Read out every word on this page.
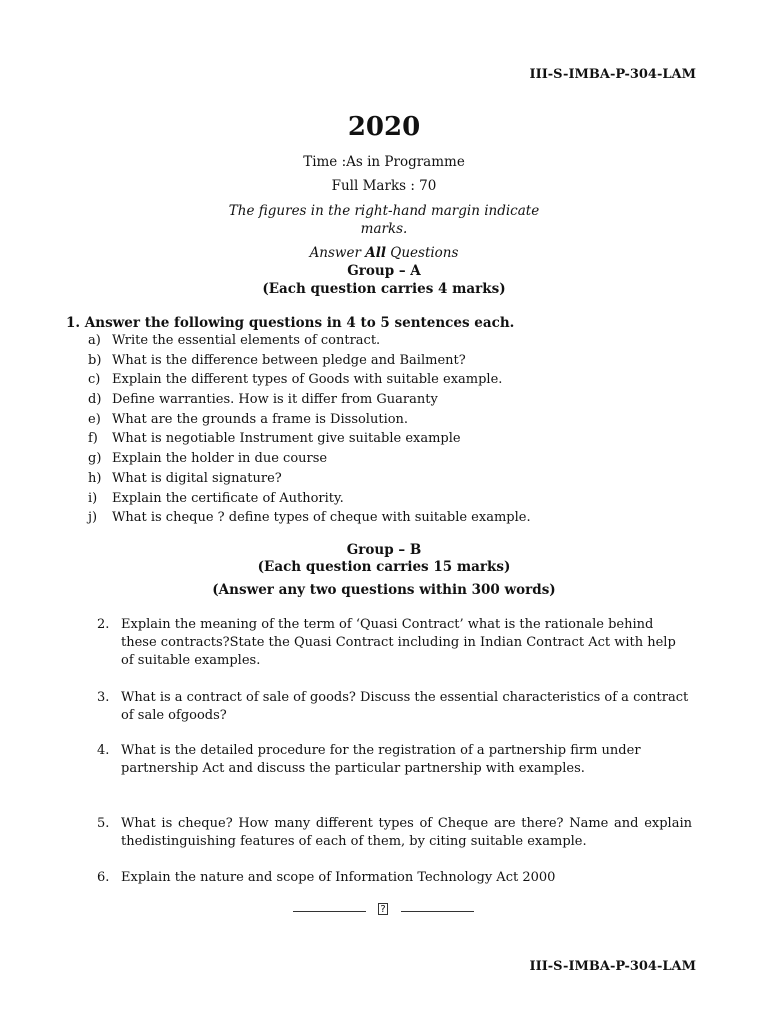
III-S-IMBA-P-304-LAM
2020
Time :As in Programme
Full Marks : 70
The figures in the right-hand margin indicate
marks.
Answer All Questions
Group – A
(Each question carries 4 marks)
1. Answer the following questions in 4 to 5 sentences each.
a) Write the essential elements of contract.
b) What is the difference between pledge and Bailment?
c) Explain the different types of Goods with suitable example.
d) Define warranties. How is it differ from Guaranty
e) What are the grounds a frame is Dissolution.
f)	What is negotiable Instrument give suitable example
g) Explain the holder in due course
h) What is digital signature?
i)	Explain the certificate of Authority.
j)	What is cheque ? define types of cheque with suitable example.
Group – B
(Each question carries 15 marks)
(Answer any two questions within 300 words)
2. Explain the meaning of the term of ‘Quasi Contract’ what is the rationale behind these contracts?State the Quasi Contract including in Indian Contract Act with help of suitable examples.
3. What is a contract of sale of goods? Discuss the essential characteristics of a contract of sale ofgoods?
4. What is the detailed procedure for the registration of a partnership firm under partnership Act and discuss the particular partnership with examples.
5. What is cheque? How many different types of Cheque are there? Name and explain thedistinguishing features of each of them, by citing suitable example.
6. Explain the nature and scope of Information Technology Act 2000
?
III-S-IMBA-P-304-LAM
